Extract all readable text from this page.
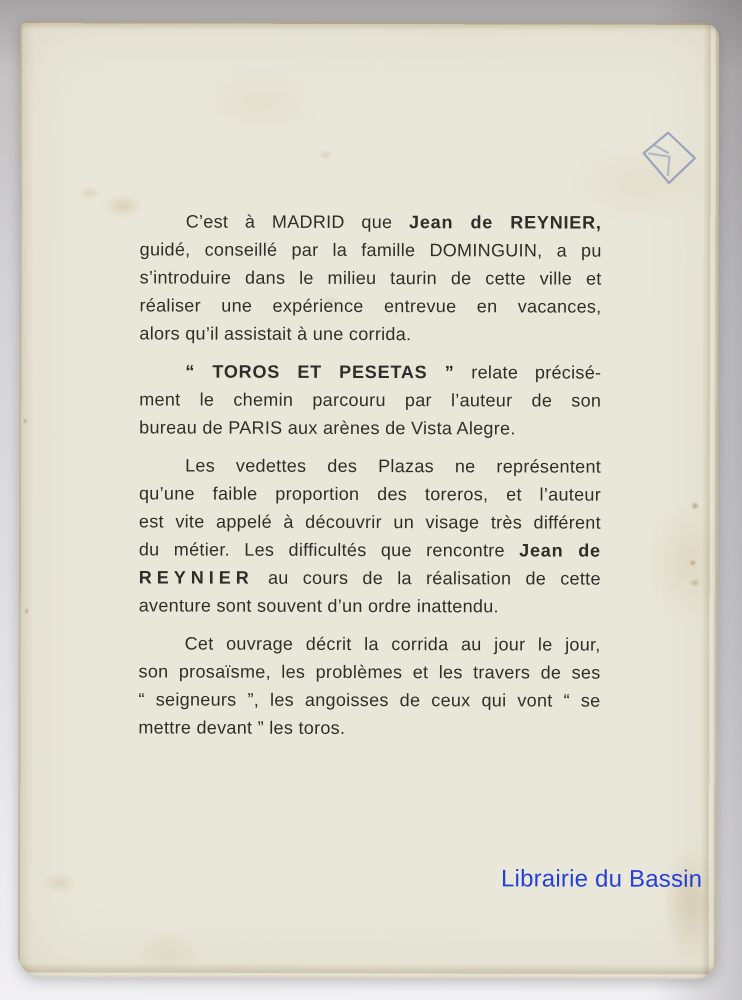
C’est à MADRID que Jean de REYNIER,
guidé, conseillé par la famille DOMINGUIN, a pu
s’introduire dans le milieu taurin de cette ville et
réaliser une expérience entrevue en vacances,
alors qu’il assistait à une corrida.
“ TOROS ET PESETAS ” relate précisé-
ment le chemin parcouru par l’auteur de son
bureau de PARIS aux arènes de Vista Alegre.
Les vedettes des Plazas ne représentent
qu’une faible proportion des toreros, et l’auteur
est vite appelé à découvrir un visage très différent
du métier. Les difficultés que rencontre Jean de
REYNIER au cours de la réalisation de cette
aventure sont souvent d’un ordre inattendu.
Cet ouvrage décrit la corrida au jour le jour,
son prosaïsme, les problèmes et les travers de ses
“ seigneurs ”, les angoisses de ceux qui vont “ se
mettre devant ” les toros.
Librairie du Bassin
